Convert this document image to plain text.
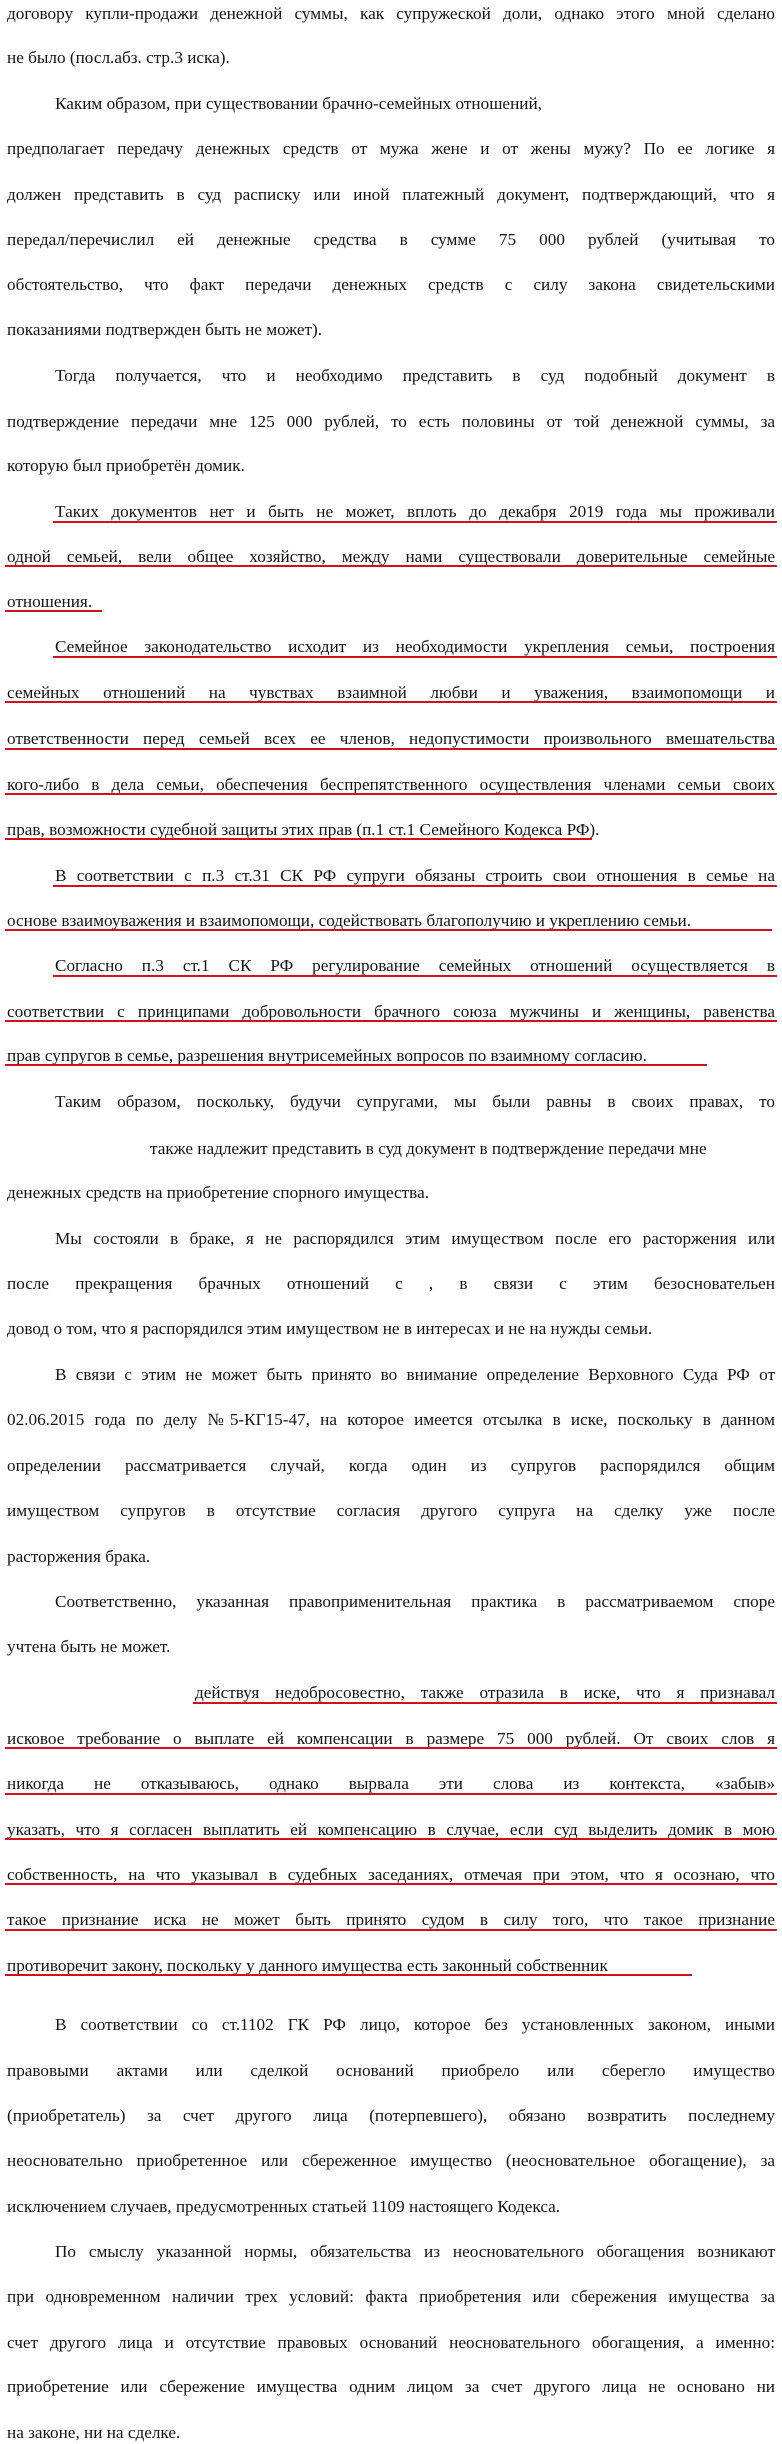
договору купли-продажи денежной суммы, как супружеской доли, однако этого мной сделано
не было (посл.абз. стр.3 иска).
Каким образом, при существовании брачно-семейных отношений,
предполагает передачу денежных средств от мужа жене и от жены мужу? По ее логике я
должен представить в суд расписку или иной платежный документ, подтверждающий, что я
передал/перечислил ей денежные средства в сумме 75 000 рублей (учитывая то
обстоятельство, что факт передачи денежных средств с силу закона свидетельскими
показаниями подтвержден быть не может).
Тогда получается, что и необходимо представить в суд подобный документ в
подтверждение передачи мне 125 000 рублей, то есть половины от той денежной суммы, за
которую был приобретён домик.
Таких документов нет и быть не может, вплоть до декабря 2019 года мы проживали
одной семьей, вели общее хозяйство, между нами существовали доверительные семейные
отношения.
Семейное законодательство исходит из необходимости укрепления семьи, построения
семейных отношений на чувствах взаимной любви и уважения, взаимопомощи и
ответственности перед семьей всех ее членов, недопустимости произвольного вмешательства
кого-либо в дела семьи, обеспечения беспрепятственного осуществления членами семьи своих
прав, возможности судебной защиты этих прав (п.1 ст.1 Семейного Кодекса РФ).
В соответствии с п.3 ст.31 СК РФ супруги обязаны строить свои отношения в семье на
основе взаимоуважения и взаимопомощи, содействовать благополучию и укреплению семьи.
Согласно п.3 ст.1 СК РФ регулирование семейных отношений осуществляется в
соответствии с принципами добровольности брачного союза мужчины и женщины, равенства
прав супругов в семье, разрешения внутрисемейных вопросов по взаимному согласию.
Таким образом, поскольку, будучи супругами, мы были равны в своих правах, то
также надлежит представить в суд документ в подтверждение передачи мне
денежных средств на приобретение спорного имущества.
Мы состояли в браке, я не распорядился этим имуществом после его расторжения или
после прекращения брачных отношений с , в связи с этим безосновательен
довод о том, что я распорядился этим имуществом не в интересах и не на нужды семьи.
В связи с этим не может быть принято во внимание определение Верховного Суда РФ от
02.06.2015 года по делу №5-КГ15-47, на которое имеется отсылка в иске, поскольку в данном
определении рассматривается случай, когда один из супругов распорядился общим
имуществом супругов в отсутствие согласия другого супруга на сделку уже после
расторжения брака.
Соответственно, указанная правоприменительная практика в рассматриваемом споре
учтена быть не может.
действуя недобросовестно, также отразила в иске, что я признавал
исковое требование о выплате ей компенсации в размере 75 000 рублей. От своих слов я
никогда не отказываюсь, однако вырвала эти слова из контекста, «забыв»
указать, что я согласен выплатить ей компенсацию в случае, если суд выделить домик в мою
собственность, на что указывал в судебных заседаниях, отмечая при этом, что я осознаю, что
такое признание иска не может быть принято судом в силу того, что такое признание
противоречит закону, поскольку у данного имущества есть законный собственник
В соответствии со ст.1102 ГК РФ лицо, которое без установленных законом, иными
правовыми актами или сделкой оснований приобрело или сберегло имущество
(приобретатель) за счет другого лица (потерпевшего), обязано возвратить последнему
неосновательно приобретенное или сбереженное имущество (неосновательное обогащение), за
исключением случаев, предусмотренных статьей 1109 настоящего Кодекса.
По смыслу указанной нормы, обязательства из неосновательного обогащения возникают
при одновременном наличии трех условий: факта приобретения или сбережения имущества за
счет другого лица и отсутствие правовых оснований неосновательного обогащения, а именно:
приобретение или сбережение имущества одним лицом за счет другого лица не основано ни
на законе, ни на сделке.
